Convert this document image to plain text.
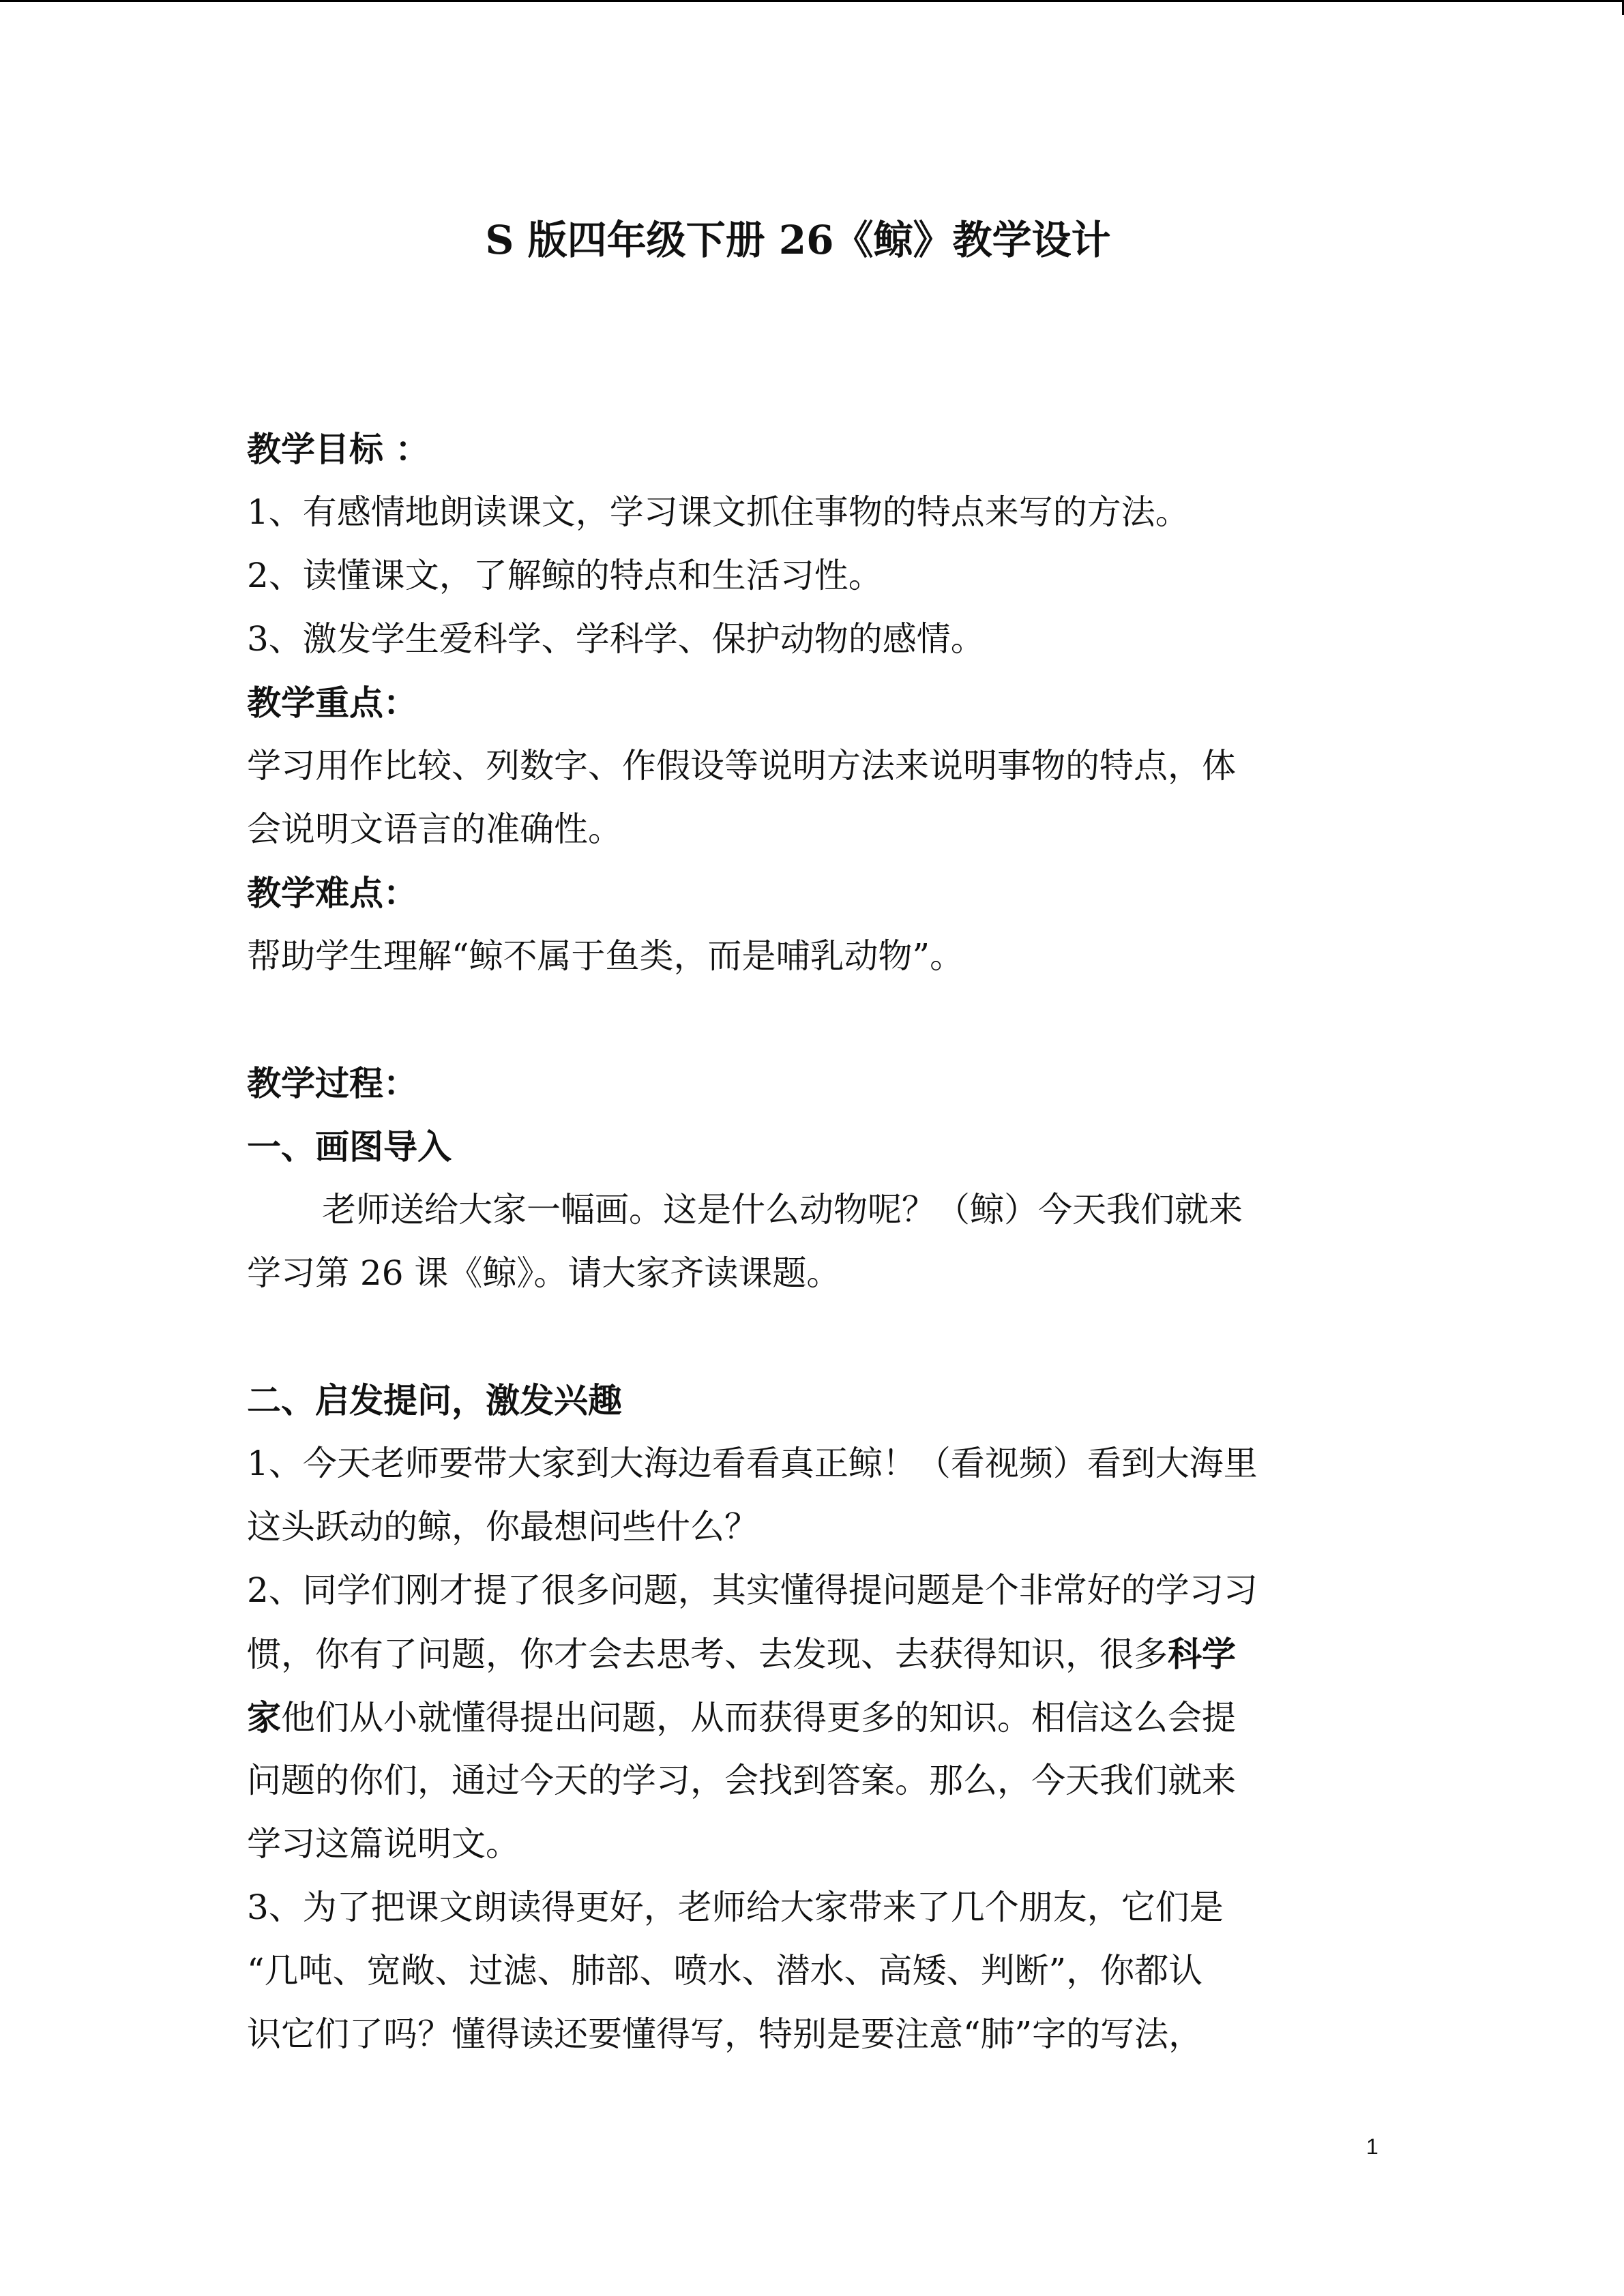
S 版四年级下册 26《鲸》教学设计
教学目标 ：
1、有感情地朗读课文，学习课文抓住事物的特点来写的方法。
2、读懂课文，了解鲸的特点和生活习性。
3、激发学生爱科学、学科学、保护动物的感情。
教学重点：
学习用作比较、列数字、作假设等说明方法来说明事物的特点，体
会说明文语言的准确性。
教学难点：
帮助学生理解“鲸不属于鱼类，而是哺乳动物”。
教学过程：
一、画图导入
老师送给大家一幅画。这是什么动物呢？（鲸）今天我们就来
学习第 26 课《鲸》。请大家齐读课题。
二、启发提问，激发兴趣
1、今天老师要带大家到大海边看看真正鲸！（看视频）看到大海里
这头跃动的鲸，你最想问些什么？
2、同学们刚才提了很多问题，其实懂得提问题是个非常好的学习习
惯，你有了问题，你才会去思考、去发现、去获得知识，很多科学
家他们从小就懂得提出问题，从而获得更多的知识。相信这么会提
问题的你们，通过今天的学习，会找到答案。那么，今天我们就来
学习这篇说明文。
3、为了把课文朗读得更好，老师给大家带来了几个朋友，它们是
“几吨、宽敞、过滤、肺部、喷水、潜水、高矮、判断”，你都认
识它们了吗？懂得读还要懂得写，特别是要注意“肺”字的写法，
1
